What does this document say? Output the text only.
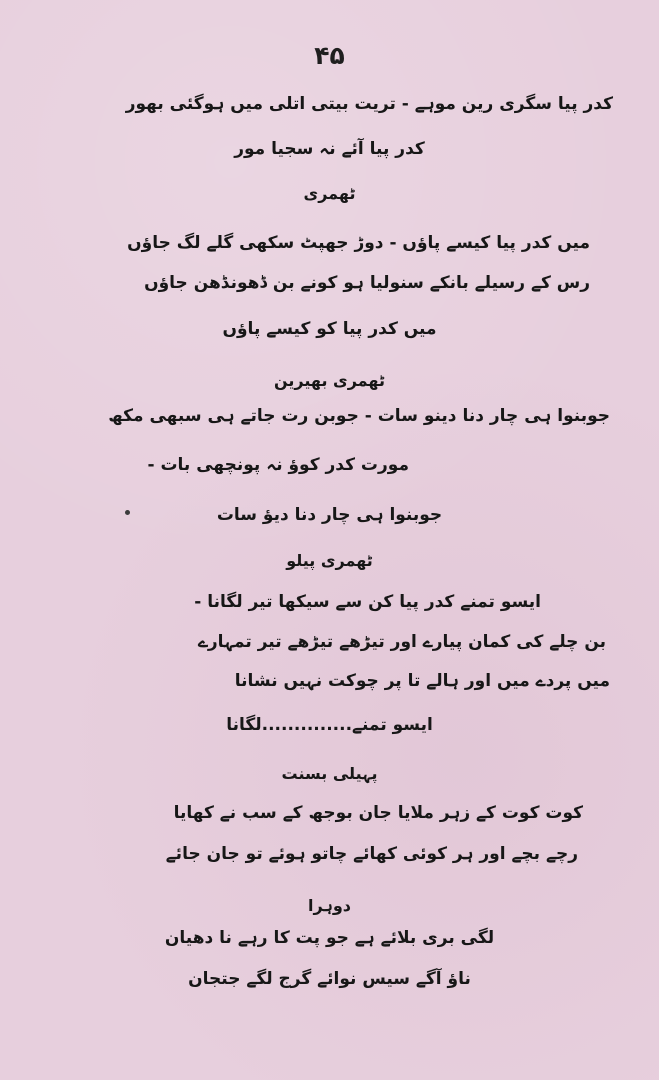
۴۵
کدر پیا سگری رین موہے - تریت بیتی اتلی میں ہوگئی بھور
کدر پیا آئے نہ سجیا مور
ٹھمری
میں کدر پیا کیسے پاؤں - دوڑ جھپٹ سکھی گلے لگ جاؤں
رس کے رسیلے بانکے سنولیا ہو کونے بن ڈھونڈھن جاؤں
میں کدر پیا کو کیسے پاؤں
ٹھمری بھیرین
جوبنوا ہی چار دنا دینو سات - جوبن رت جاتے ہی سبھی مکھ
مورت کدر کوؤ نہ پونچھی بات -
جوبنوا ہی چار دنا دیؤ سات
ٹھمری پیلو
ایسو تمنے کدر پیا کن سے سیکھا تیر لگانا -
بن چلے کی کمان پیارے اور تیڑھے تیڑھے تیر تمہارے
میں پردے میں اور ہالے تا پر چوکت نہیں نشانا
ایسو تمنے..............لگانا
پہیلی بسنت
کوت کوت کے زہر ملایا جان بوجھ کے سب نے کھایا
رچے بچے اور ہر کوئی کھائے چاتو ہوئے تو جان جائے
دوہرا
لگی بری بلائے ہے جو پت کا رہے نا دھیان
ناؤ آگے سیس نوائے گرج لگے جتجان
